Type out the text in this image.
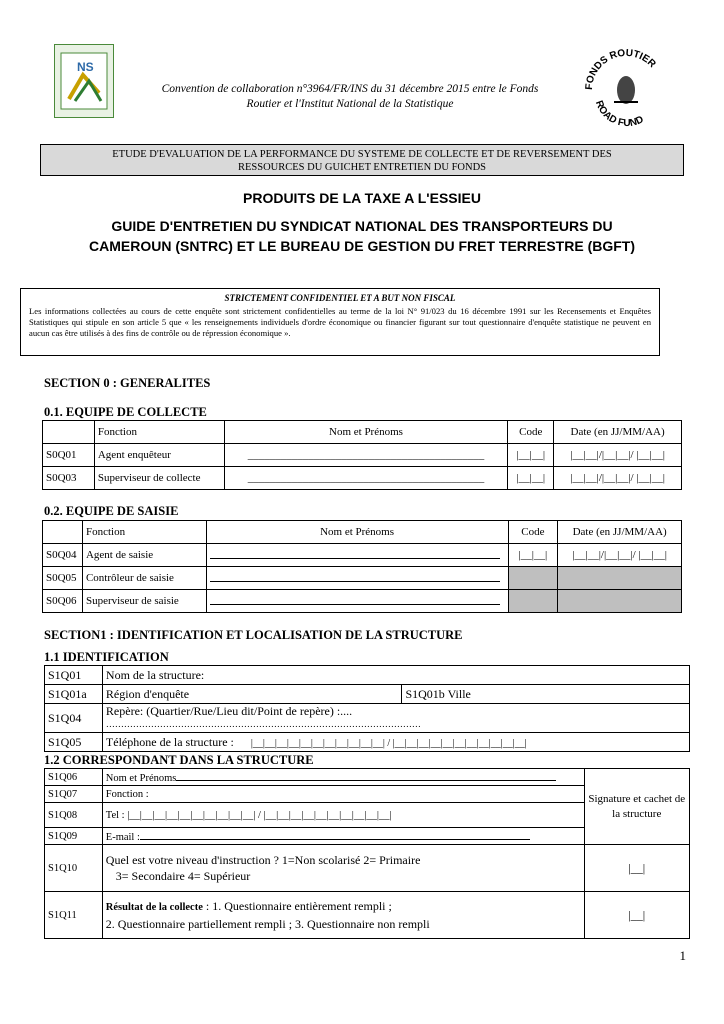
NS
FONDS ROUTIER
ROAD FUND
Convention de collaboration n°3964/FR/INS du 31 décembre 2015 entre le Fonds
Routier et l'Institut National de la Statistique
ETUDE D'EVALUATION DE LA PERFORMANCE DU SYSTEME DE COLLECTE ET DE REVERSEMENT DES
RESSOURCES DU GUICHET ENTRETIEN DU FONDS
PRODUITS DE LA TAXE A L'ESSIEU
GUIDE D'ENTRETIEN DU SYNDICAT NATIONAL DES TRANSPORTEURS DU
CAMEROUN (SNTRC) ET LE BUREAU DE GESTION DU FRET TERRESTRE (BGFT)
STRICTEMENT CONFIDENTIEL ET A BUT NON FISCAL
Les informations collectées au cours de cette enquête sont strictement confidentielles au terme de la loi N° 91/023 du 16 décembre 1991 sur les Recensements et Enquêtes Statistiques qui stipule en son article 5 que « les renseignements individuels d'ordre économique ou financier figurant sur tout questionnaire d'enquête statistique ne peuvent en aucun cas être utilisés à des fins de contrôle ou de répression économique ».
SECTION 0 : GENERALITES
0.1. EQUIPE DE COLLECTE
	Fonction	Nom et Prénoms	Code	Date (en JJ/MM/AA)
S0Q01	Agent enquêteur	___________________________________________	|__|__|	|__|__|/|__|__|/ |__|__|
S0Q03	Superviseur de collecte	___________________________________________	|__|__|	|__|__|/|__|__|/ |__|__|
0.2. EQUIPE DE SAISIE
	Fonction	Nom et Prénoms	Code	Date (en JJ/MM/AA)
S0Q04	Agent de saisie		|__|__|	|__|__|/|__|__|/ |__|__|
S0Q05	Contrôleur de saisie			
S0Q06	Superviseur de saisie			
SECTION1 : IDENTIFICATION ET LOCALISATION DE LA STRUCTURE
1.1 IDENTIFICATION
S1Q01	Nom de la structure:	
S1Q01a	Région d'enquête	S1Q01b Ville
S1Q04	Repère: (Quartier/Rue/Lieu dit/Point de repère) :....
……………………………………………………………………………………………	

S1Q05	Téléphone de la structure : |__|__|__|__|__|__|__|__|__|__|__| / |__|__|__|__|__|__|__|__|__|__|__|	
1.2 CORRESPONDANT DANS LA STRUCTURE
S1Q06	Nom et Prénoms	Signature et cachet de la structure
S1Q07	Fonction :	
S1Q08	Tel : |__|__|__|__|__|__|__|__|__|__| / |__|__|__|__|__|__|__|__|__|__|	
S1Q09	E-mail :	
S1Q10	Quel est votre niveau d'instruction ? 1=Non scolarisé 2= Primaire
3= Secondaire 4= Supérieur	|__|
S1Q11	Résultat de la collecte : 1. Questionnaire entièrement rempli ;
2. Questionnaire partiellement rempli ; 3. Questionnaire non rempli	|__|
1
